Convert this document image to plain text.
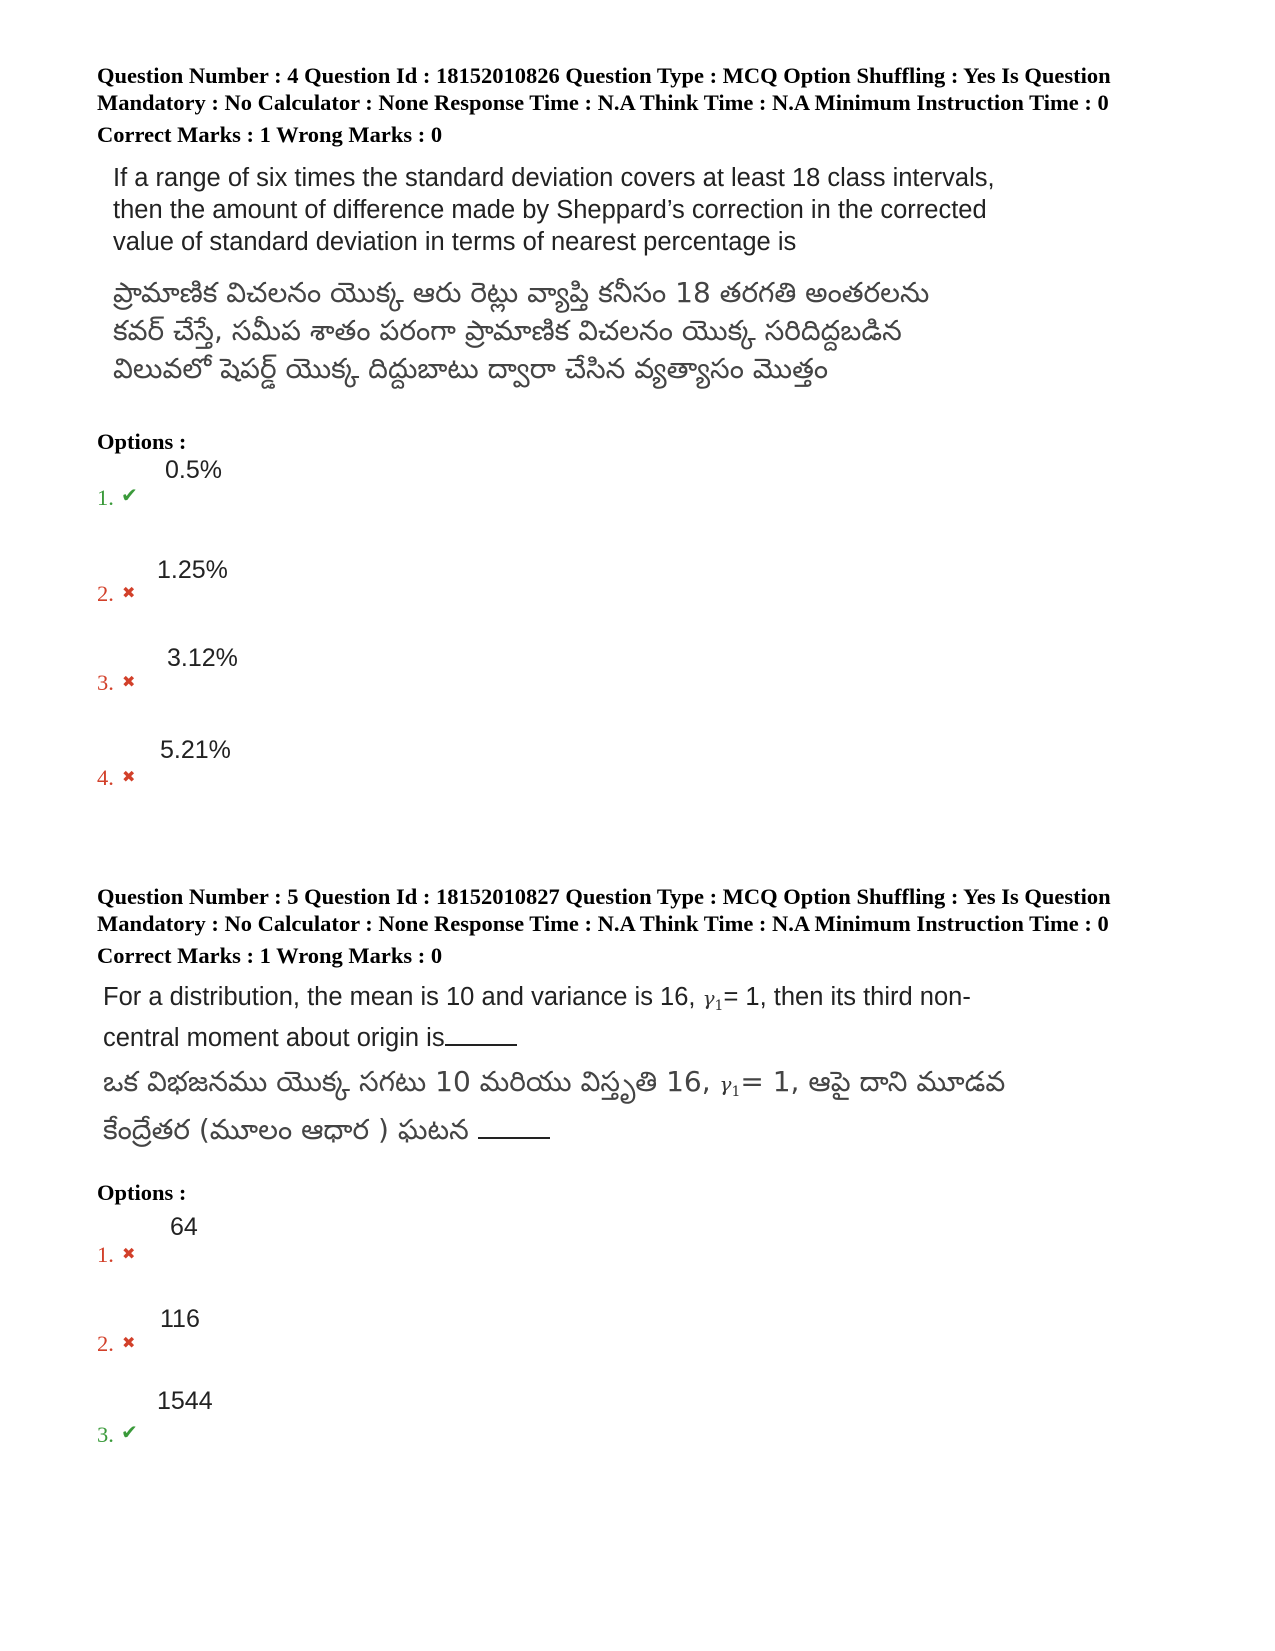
Question Number : 4 Question Id : 18152010826 Question Type : MCQ Option Shuffling : Yes Is Question
Mandatory : No Calculator : None Response Time : N.A Think Time : N.A Minimum Instruction Time : 0
Correct Marks : 1 Wrong Marks : 0
If a range of six times the standard deviation covers at least 18 class intervals,
then the amount of difference made by Sheppard’s correction in the corrected
value of standard deviation in terms of nearest percentage is
ప్రామాణిక విచలనం యొక్క ఆరు రెట్లు వ్యాప్తి కనీసం 18 తరగతి అంతరలను
కవర్ చేస్తే, సమీప శాతం పరంగా ప్రామాణిక విచలనం యొక్క సరిదిద్దబడిన
విలువలో షెపర్డ్ యొక్క దిద్దుబాటు ద్వారా చేసిన వ్యత్యాసం మొత్తం
Options :
1. ✔
0.5%
2. ✖
1.25%
3. ✖
3.12%
4. ✖
5.21%
Question Number : 5 Question Id : 18152010827 Question Type : MCQ Option Shuffling : Yes Is Question
Mandatory : No Calculator : None Response Time : N.A Think Time : N.A Minimum Instruction Time : 0
Correct Marks : 1 Wrong Marks : 0
For a distribution, the mean is 10 and variance is 16, $\gamma_1= 1$, then its third non-
central moment about origin is
ఒక విభజనము యొక్క సగటు 10 మరియు విస్తృతి 16, $\gamma_1= 1$, ఆపై దాని మూడవ
కేంద్రేతర (మూలం ఆధార ) ఘటన
Options :
1. ✖
64
2. ✖
116
3. ✔
1544
